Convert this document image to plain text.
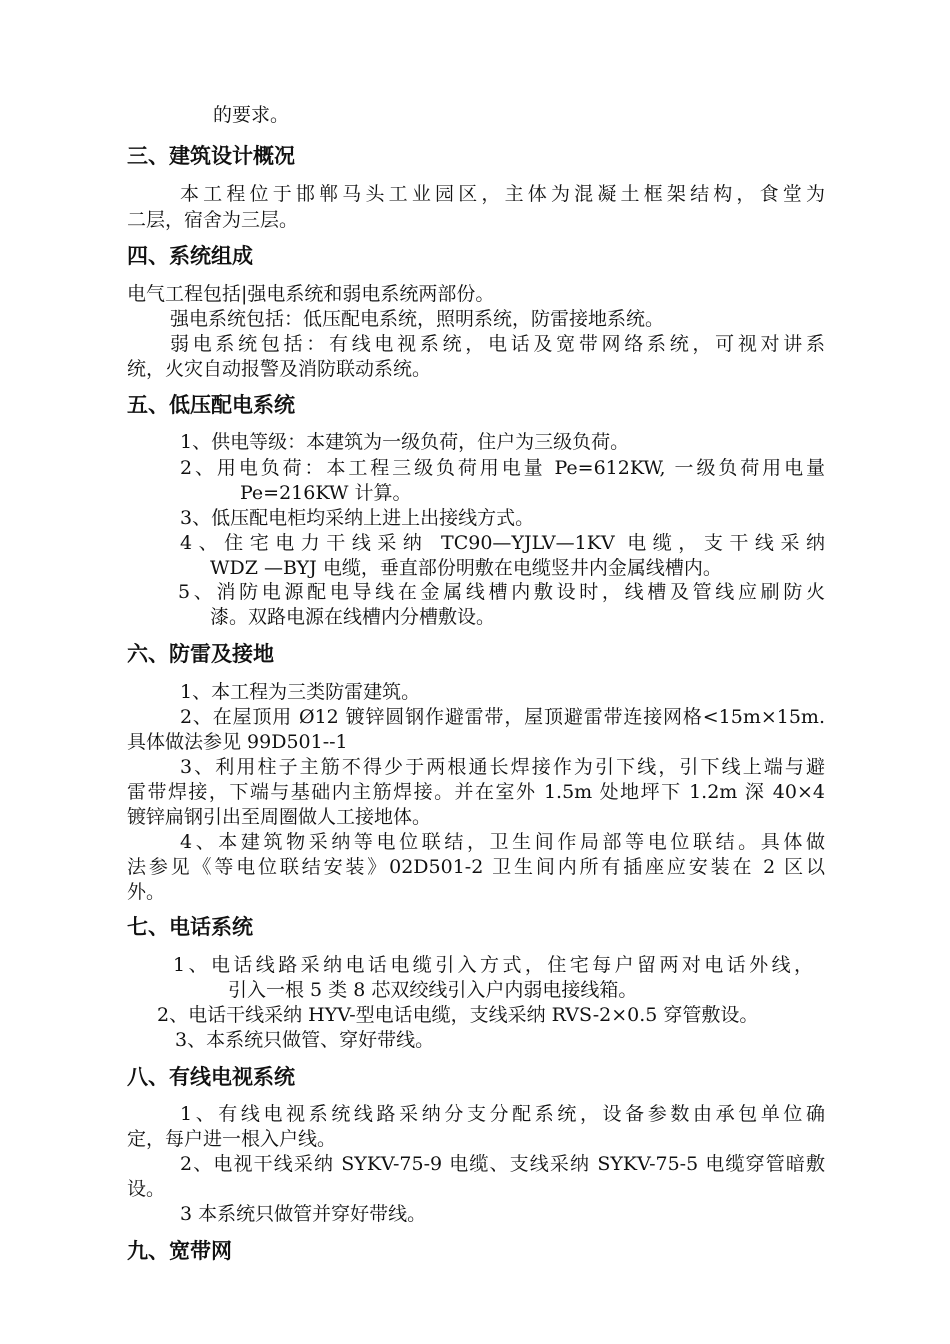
的要求。
三、建筑设计概况
本工程位于邯郸马头工业园区，主体为混凝土框架结构，食堂为
二层，宿舍为三层。
四、系统组成
电气工程包括|强电系统和弱电系统两部份。
强电系统包括：低压配电系统，照明系统，防雷接地系统。
弱电系统包括：有线电视系统，电话及宽带网络系统，可视对讲系
统，火灾自动报警及消防联动系统。
五、低压配电系统
1、供电等级：本建筑为一级负荷，住户为三级负荷。
2、用电负荷：本工程三级负荷用电量 Pe=612KW, 一级负荷用电量
Pe=216KW 计算。
3、低压配电柜均采纳上进上出接线方式。
4、住宅电力干线采纳 TC90—YJLV—1KV 电缆，支干线采纳
WDZ —BYJ 电缆，垂直部份明敷在电缆竖井内金属线槽内。
5、消防电源配电导线在金属线槽内敷设时，线槽及管线应刷防火
漆。双路电源在线槽内分槽敷设。
六、防雷及接地
1、本工程为三类防雷建筑。
2、在屋顶用 Ø12 镀锌圆钢作避雷带，屋顶避雷带连接网格<15m×15m.
具体做法参见 99D501--1
3、利用柱子主筋不得少于两根通长焊接作为引下线，引下线上端与避
雷带焊接，下端与基础内主筋焊接。并在室外 1.5m 处地坪下 1.2m 深 40×4
镀锌扁钢引出至周圈做人工接地体。
4、本建筑物采纳等电位联结，卫生间作局部等电位联结。具体做
法参见《等电位联结安装》02D501-2 卫生间内所有插座应安装在 2 区以
外。
七、电话系统
1、电话线路采纳电话电缆引入方式，住宅每户留两对电话外线，
引入一根 5 类 8 芯双绞线引入户内弱电接线箱。
2、电话干线采纳 HYV-型电话电缆，支线采纳 RVS-2×0.5 穿管敷设。
3、本系统只做管、穿好带线。
八、有线电视系统
1、有线电视系统线路采纳分支分配系统，设备参数由承包单位确
定，每户进一根入户线。
2、电视干线采纳 SYKV-75-9 电缆、支线采纳 SYKV-75-5 电缆穿管暗敷
设。
3 本系统只做管并穿好带线。
九、宽带网
